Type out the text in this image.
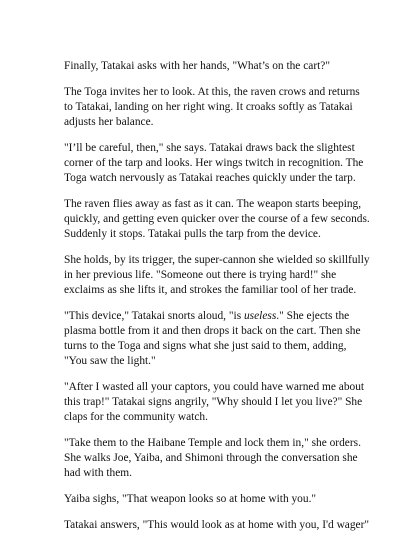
Finally, Tatakai asks with her hands, "What’s on the cart?"

The Toga invites her to look. At this, the raven crows and returns
to Tatakai, landing on her right wing. It croaks softly as Tatakai
adjusts her balance.

"I’ll be careful, then," she says. Tatakai draws back the slightest
corner of the tarp and looks. Her wings twitch in recognition. The
Toga watch nervously as Tatakai reaches quickly under the tarp.

The raven flies away as fast as it can. The weapon starts beeping,
quickly, and getting even quicker over the course of a few seconds.
Suddenly it stops. Tatakai pulls the tarp from the device.

She holds, by its trigger, the super-cannon she wielded so skillfully
in her previous life. "Someone out there is trying hard!" she
exclaims as she lifts it, and strokes the familiar tool of her trade.

"This device," Tatakai snorts aloud, "is useless." She ejects the
plasma bottle from it and then drops it back on the cart. Then she
turns to the Toga and signs what she just said to them, adding,
"You saw the light."

"After I wasted all your captors, you could have warned me about
this trap!" Tatakai signs angrily, "Why should I let you live?" She
claps for the community watch.

"Take them to the Haibane Temple and lock them in," she orders.
She walks Joe, Yaiba, and Shimoni through the conversation she
had with them.

Yaiba sighs, "That weapon looks so at home with you."

Tatakai answers, "This would look as at home with you, I'd wager"
